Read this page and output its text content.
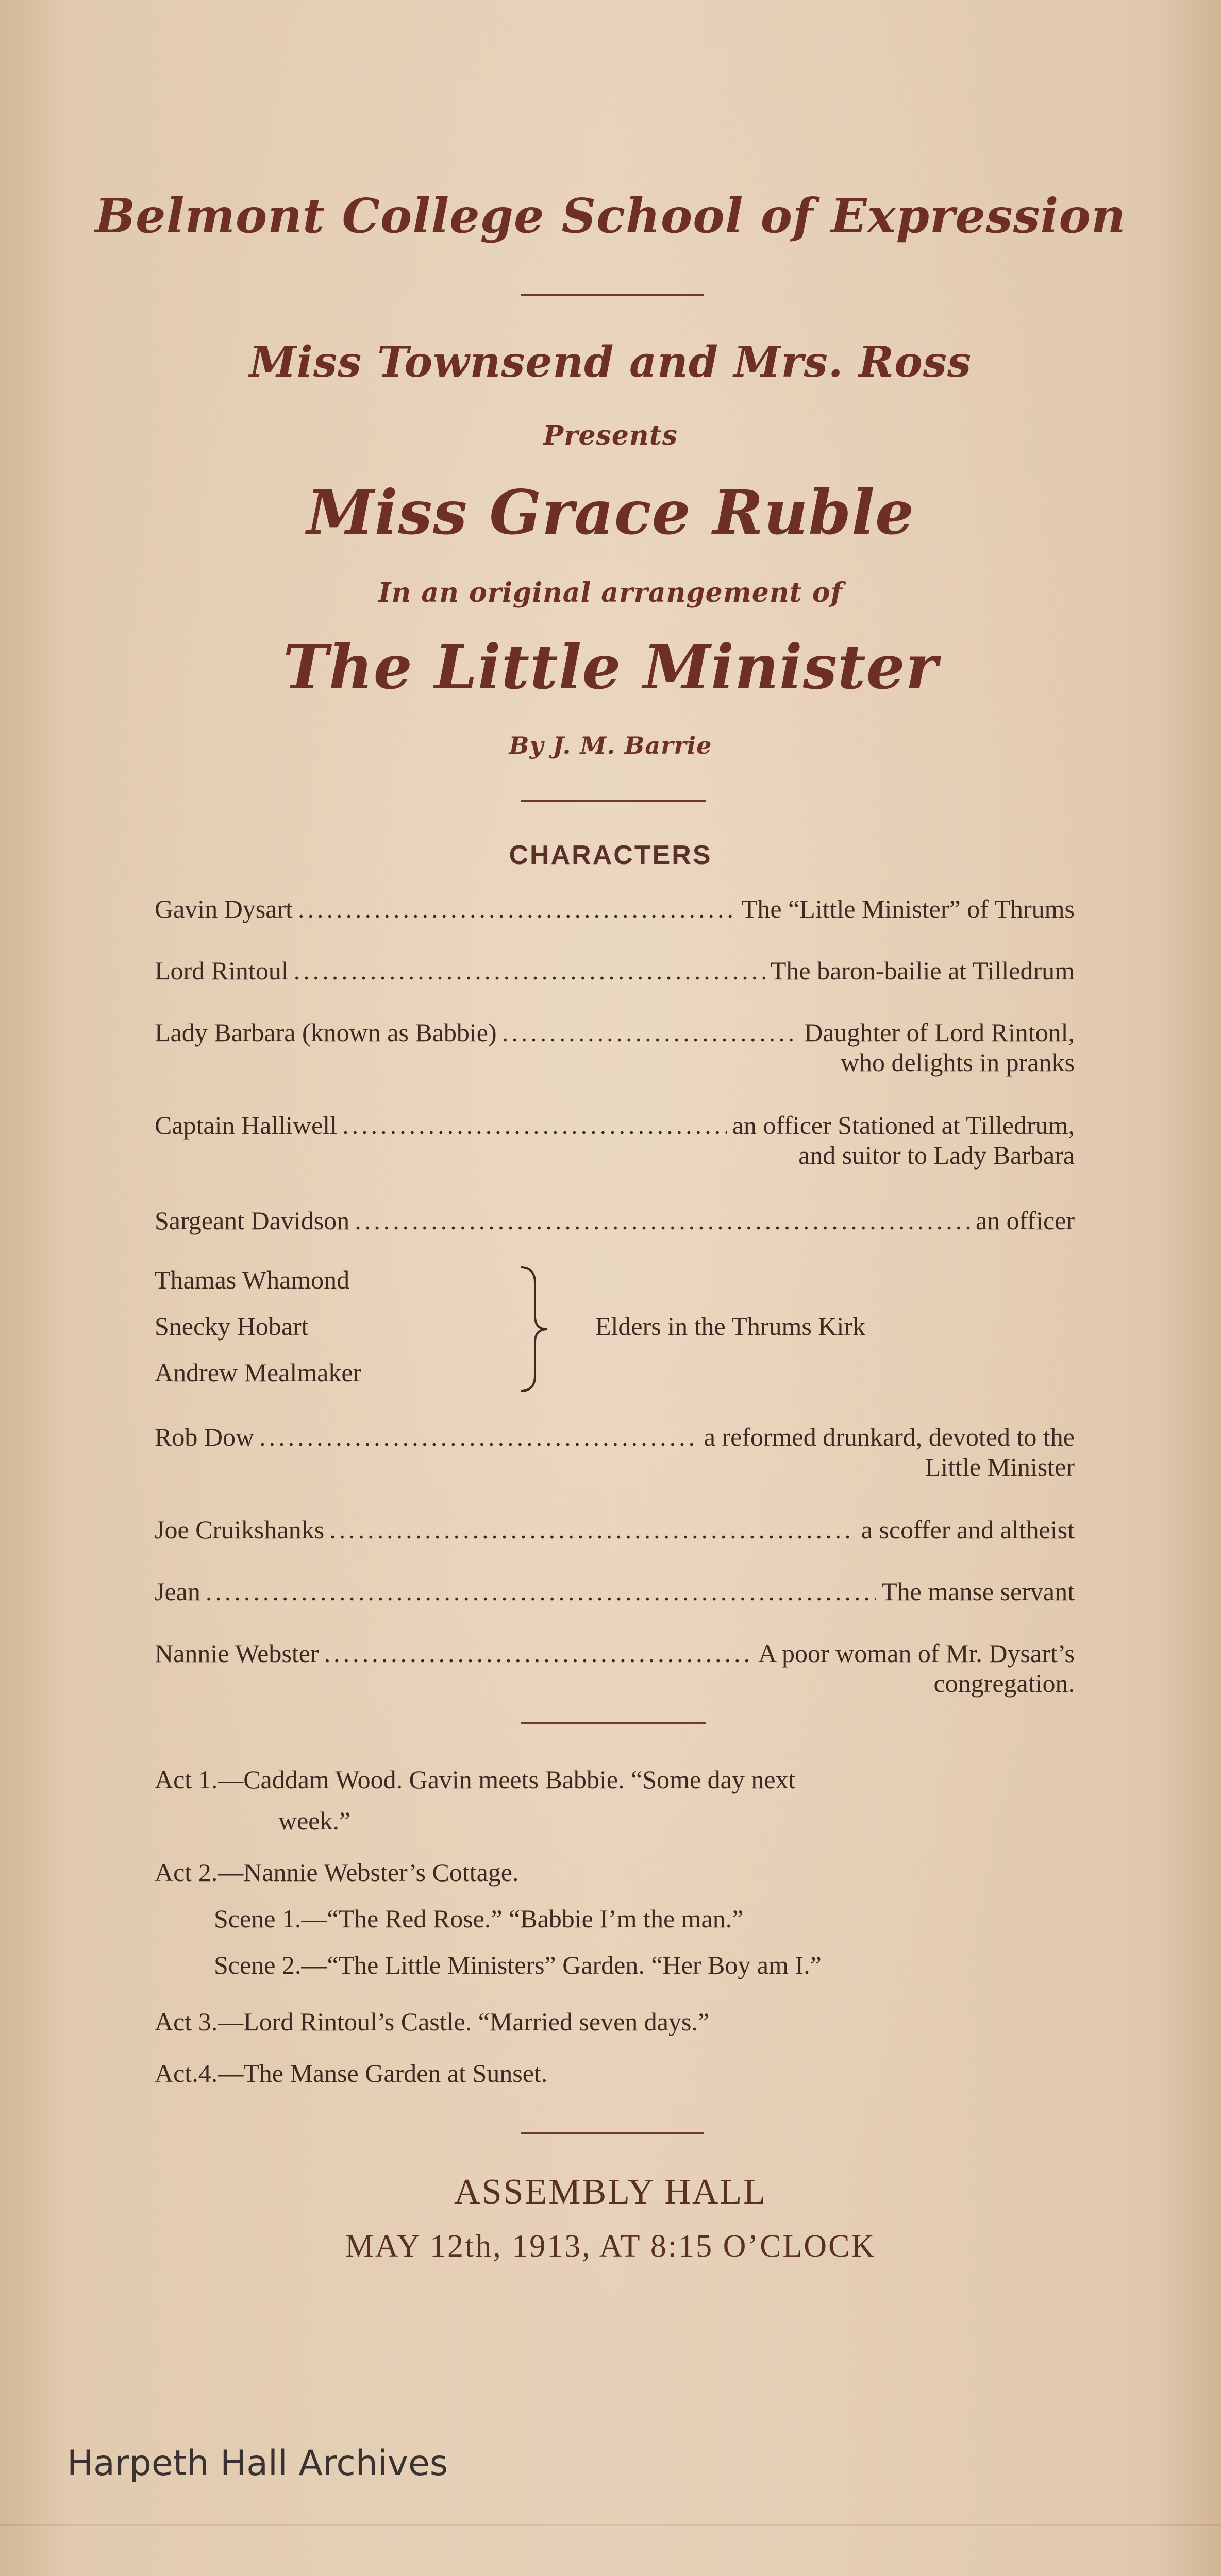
Belmont College School of Expression
Miss Townsend and Mrs. Ross
Presents
Miss Grace Ruble
In an original arrangement of
The Little Minister
By J. M. Barrie
CHARACTERS
Gavin Dysart .....	The “Little Minister” of Thrums
Lord Rintoul .....	The baron-bailie at Tilledrum
Lady Barbara (known as Babbie) .....	Daughter of Lord Rintonl,
who delights in pranks
Captain Halliwell .....	an officer Stationed at Tilledrum,
and suitor to Lady Barbara
Sargeant Davidson .....	an officer
Thamas Whamond
Snecky Hobart
Andrew Mealmaker
Elders in the Thrums Kirk
Rob Dow .....	a reformed drunkard, devoted to the
Little Minister
Joe Cruikshanks .....	a scoffer and altheist
Jean .....	The manse servant
Nannie Webster .....	A poor woman of Mr. Dysart’s
congregation.
Act 1.—Caddam Wood. Gavin meets Babbie. “Some day next
week.”
Act 2.—Nannie Webster’s Cottage.
Scene 1.—“The Red Rose.” “Babbie I’m the man.”
Scene 2.—“The Little Ministers” Garden. “Her Boy am I.”
Act 3.—Lord Rintoul’s Castle. “Married seven days.”
Act.4.—The Manse Garden at Sunset.
ASSEMBLY HALL
MAY 12th, 1913, AT 8:15 O’CLOCK
Harpeth Hall Archives
